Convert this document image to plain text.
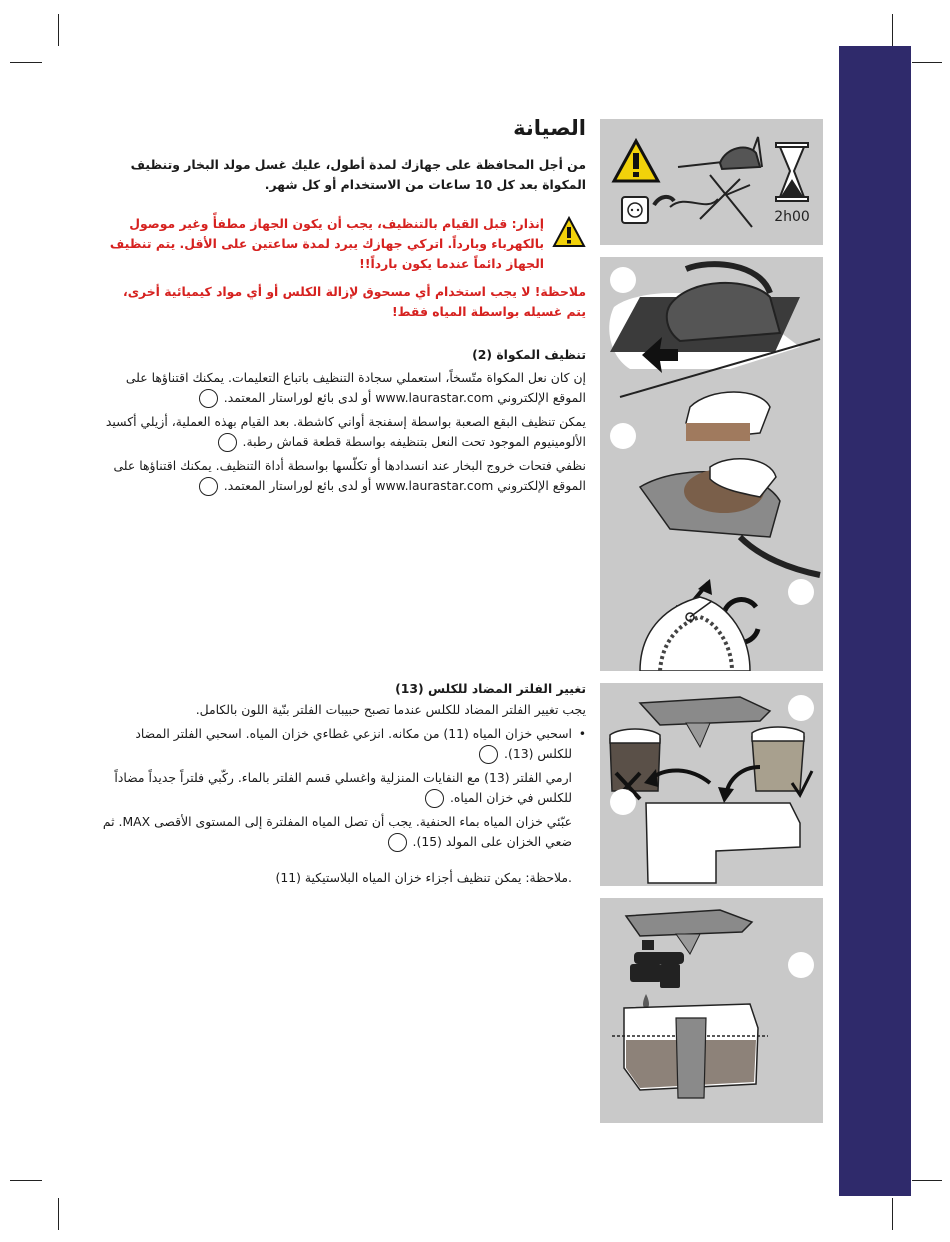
الصيانة
من أجل المحافظة على جهازك لمدة أطول، عليك غسل مولد البخار وتنظيف المكواة بعد كل 10 ساعات من الاستخدام أو كل شهر.
إنذار: قبل القيام بالتنظيف، يجب أن يكون الجهاز مطفأً وغير موصول بالكهرباء وبارداً. اتركي جهازك يبرد لمدة ساعتين على الأقل. يتم تنظيف الجهاز دائماً عندما يكون بارداً!!
ملاحظة! لا يجب استخدام أي مسحوق لإزالة الكلس أو أي مواد كيميائية أخرى، يتم غسيله بواسطة المياه فقط!
تنظيف المكواة (2)
إن كان نعل المكواة متّسخاً، استعملي سجادة التنظيف باتباع التعليمات. يمكنك اقتناؤها على الموقع الإلكتروني www.laurastar.com أو لدى بائع لوراستار المعتمد.
يمكن تنظيف البقع الصعبة بواسطة إسفنجة أواني كاشطة. بعد القيام بهذه العملية، أزيلي أكسيد الألومينيوم الموجود تحت النعل بتنظيفه بواسطة قطعة قماش رطبة.
نظفي فتحات خروج البخار عند انسدادها أو تكلّسها بواسطة أداة التنظيف. يمكنك اقتناؤها على الموقع الإلكتروني www.laurastar.com أو لدى بائع لوراستار المعتمد.
تغيير الفلتر المضاد للكلس (13)
يجب تغيير الفلتر المضاد للكلس عندما تصبح حبيبات الفلتر بنّية اللون بالكامل.
•
اسحبي خزان المياه (11) من مكانه. انزعي غطاءي خزان المياه. اسحبي الفلتر المضاد للكلس (13).
ارمي الفلتر (13) مع النفايات المنزلية واغسلي قسم الفلتر بالماء. ركّبي فلتراً جديداً مضاداً للكلس في خزان المياه.
عبّئي خزان المياه بماء الحنفية. يجب أن تصل المياه المفلترة إلى المستوى الأقصى MAX. ثم ضعي الخزان على المولد (15).
.ملاحظة: يمكن تنظيف أجزاء خزان المياه البلاستيكية (11)
2h00
